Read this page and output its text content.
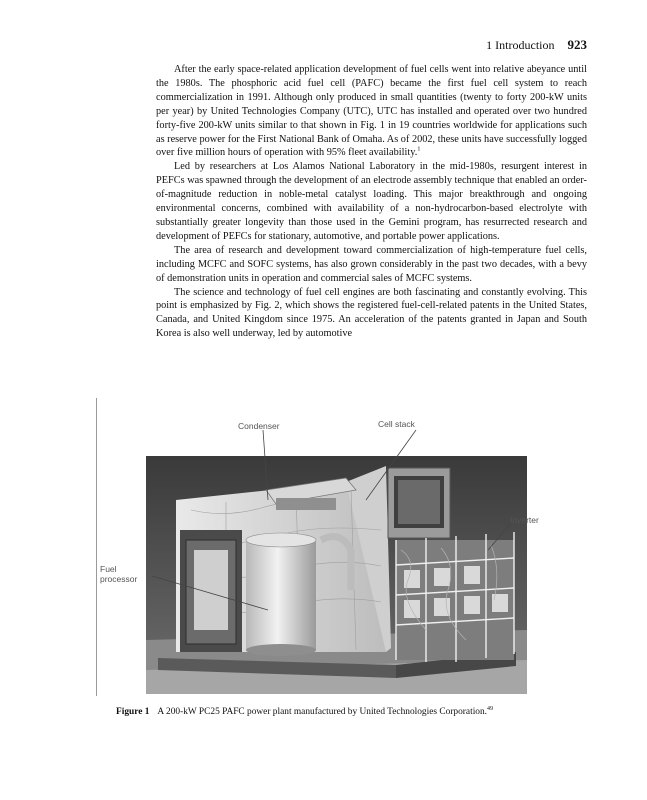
1 Introduction 923

After the early space-related application development of fuel cells went into relative abeyance until the 1980s. The phosphoric acid fuel cell (PAFC) became the first fuel cell system to reach commercialization in 1991. Although only produced in small quantities (twenty to forty 200-kW units per year) by United Technologies Company (UTC), UTC has installed and operated over two hundred forty-five 200-kW units similar to that shown in Fig. 1 in 19 countries worldwide for applications such as reserve power for the First National Bank of Omaha. As of 2002, these units have successfully logged over five million hours of operation with 95% fleet availability.$^1$

Led by researchers at Los Alamos National Laboratory in the mid-1980s, resurgent interest in PEFCs was spawned through the development of an electrode assembly technique that enabled an order-of-magnitude reduction in noble-metal catalyst loading. This major breakthrough and ongoing environmental concerns, combined with availability of a non-hydrocarbon-based electrolyte with substantially greater longevity than those used in the Gemini program, has resurrected research and development of PEFCs for stationary, automotive, and portable power applications.

The area of research and development toward commercialization of high-temperature fuel cells, including MCFC and SOFC systems, has also grown considerably in the past two decades, with a bevy of demonstration units in operation and commercial sales of MCFC systems.

The science and technology of fuel cell engines are both fascinating and constantly evolving. This point is emphasized by Fig. 2, which shows the registered fuel-cell-related patents in the United States, Canada, and United Kingdom since 1975. An acceleration of the patents granted in Japan and South Korea is also well underway, led by automotive

Condenser	Cell stack
Inverter
Fuel
processor
Figure 1 A 200-kW PC25 PAFC power plant manufactured by United Technologies Corporation.$^{49}$
